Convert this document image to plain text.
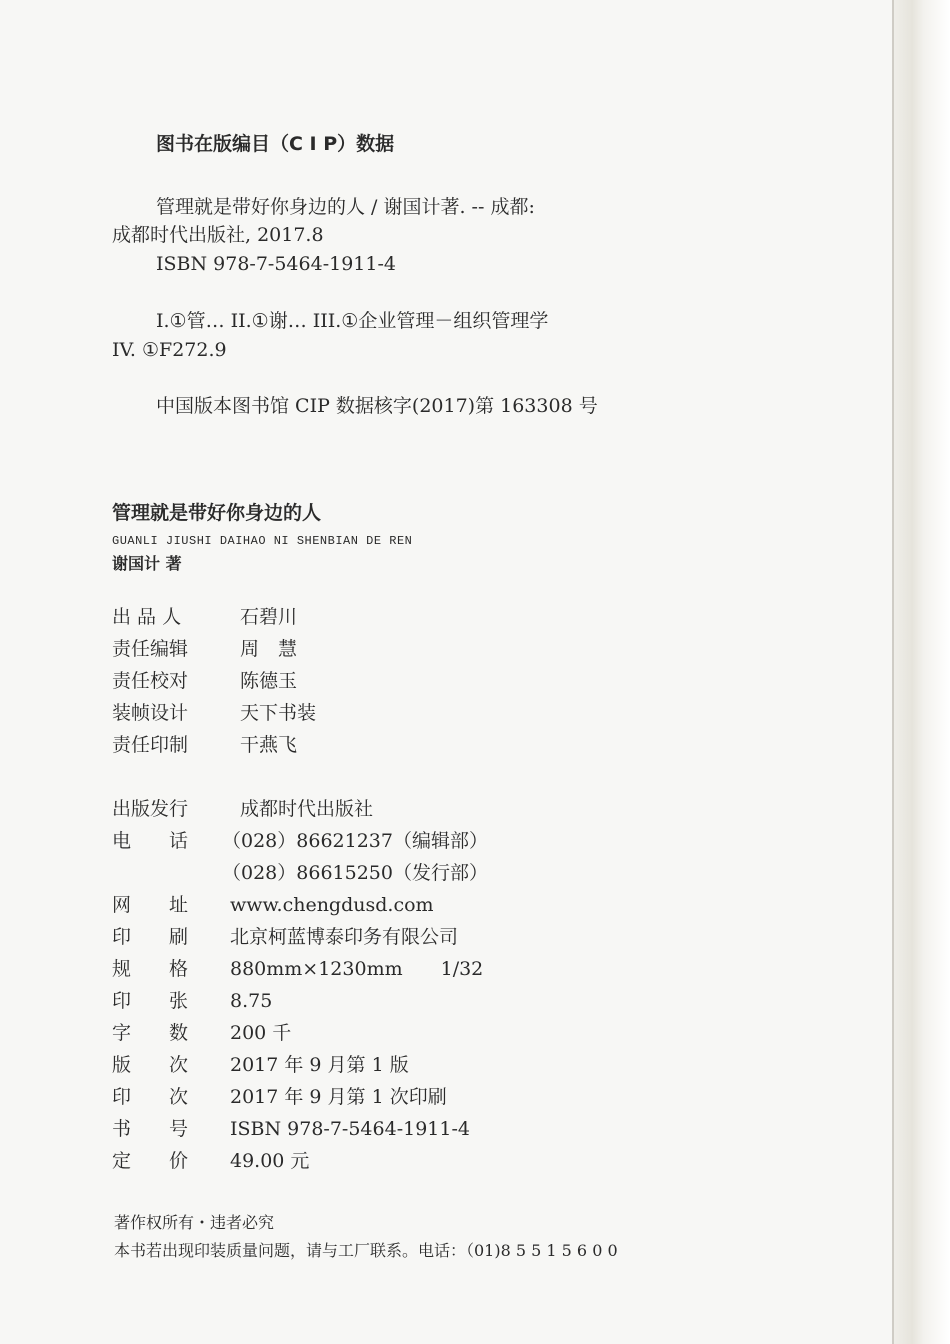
图书在版编目（C I P）数据
管理就是带好你身边的人 / 谢国计著. -- 成都:
成都时代出版社, 2017.8
ISBN 978-7-5464-1911-4
I.①管… II.①谢… III.①企业管理－组织管理学
IV. ①F272.9
中国版本图书馆 CIP 数据核字(2017)第 163308 号
管理就是带好你身边的人
GUANLI JIUSHI DAIHAO NI SHENBIAN DE REN
谢国计 著
出 品 人	石碧川
责任编辑	周　慧
责任校对	陈德玉
装帧设计	天下书装
责任印制	干燕飞
出版发行	成都时代出版社
电　　话 （028）86621237（编辑部）
（028）86615250（发行部）
网　　址 www.chengdusd.com
印　　刷 北京柯蓝博泰印务有限公司
规　　格 880mm×1230mm　　1/32
印　　张 8.75
字　　数 200 千
版　　次 2017 年 9 月第 1 版
印　　次 2017 年 9 月第 1 次印刷
书　　号 ISBN 978-7-5464-1911-4
定　　价 49.00 元
著作权所有・违者必究
本书若出现印装质量问题，请与工厂联系。电话：（01)8 5 5 1 5 6 0 0
